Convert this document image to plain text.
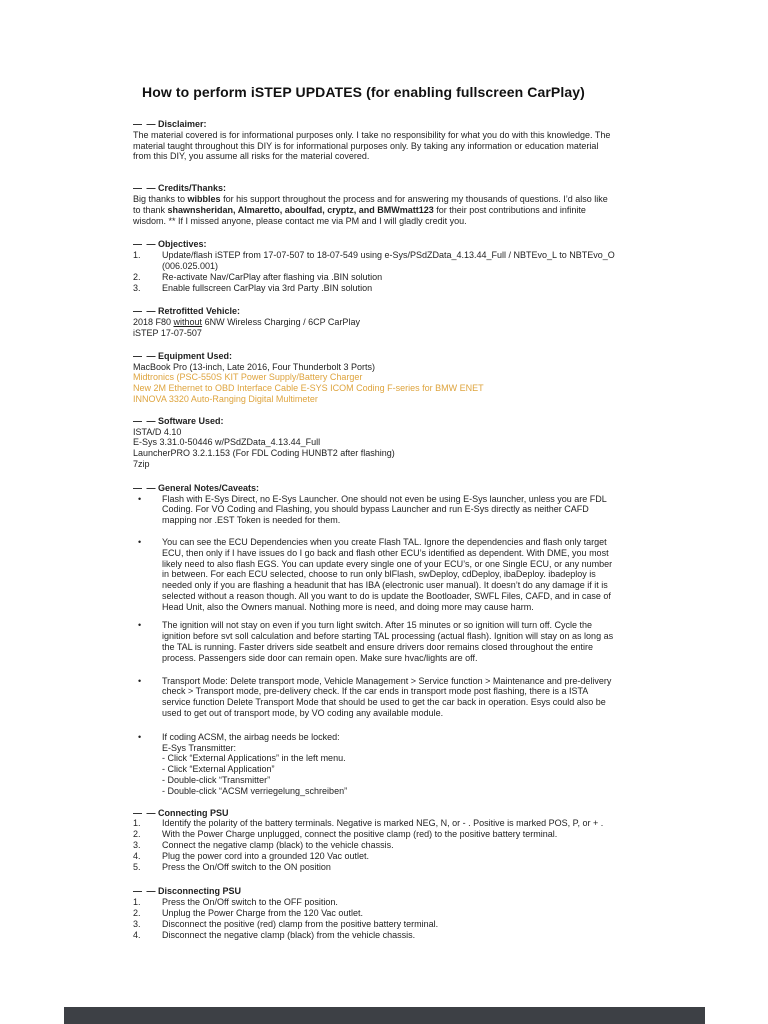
How to perform iSTEP UPDATES (for enabling fullscreen CarPlay)
— —Disclaimer:
The material covered is for informational purposes only. I take no responsibility for what you do with this knowledge. The
material taught throughout this DIY is for informational purposes only. By taking any information or education material
from this DIY, you assume all risks for the material covered.
— —Credits/Thanks:
Big thanks to wibbles for his support throughout the process and for answering my thousands of questions. I’d also like
to thank shawnsheridan, Almaretto, aboulfad, cryptz, and BMWmatt123 for their post contributions and infinite
wisdom. ** If I missed anyone, please contact me via PM and I will gladly credit you.
— —Objectives:
1.	Update/flash iSTEP from 17-07-507 to 18-07-549 using e-Sys/PSdZData_4.13.44_Full / NBTEvo_L to NBTEvo_O
(006.025.001)
2.	Re-activate Nav/CarPlay after flashing via .BIN solution
3.	Enable fullscreen CarPlay via 3rd Party .BIN solution
— —Retrofitted Vehicle:
2018 F80 without 6NW Wireless Charging / 6CP CarPlay
iSTEP 17-07-507
— —Equipment Used:
MacBook Pro (13-inch, Late 2016, Four Thunderbolt 3 Ports)
Midtronics (PSC-550S KIT Power Supply/Battery Charger
New 2M Ethernet to OBD Interface Cable E-SYS ICOM Coding F-series for BMW ENET
INNOVA 3320 Auto-Ranging Digital Multimeter
— —Software Used:
ISTA/D 4.10
E-Sys 3.31.0-50446 w/PSdZData_4.13.44_Full
LauncherPRO 3.2.1.153 (For FDL Coding HUNBT2 after flashing)
7zip
— —General Notes/Caveats:
•	Flash with E-Sys Direct, no E-Sys Launcher. One should not even be using E-Sys launcher, unless you are FDL
Coding. For VO Coding and Flashing, you should bypass Launcher and run E-Sys directly as neither CAFD
mapping nor .EST Token is needed for them.
•	You can see the ECU Dependencies when you create Flash TAL. Ignore the dependencies and flash only target
ECU, then only if I have issues do I go back and flash other ECU’s identified as dependent. With DME, you most
likely need to also flash EGS. You can update every single one of your ECU’s, or one Single ECU, or any number
in between. For each ECU selected, choose to run only blFlash, swDeploy, cdDeploy, ibaDeploy. ibadeploy is
needed only if you are flashing a headunit that has IBA (electronic user manual). It doesn’t do any damage if it is
selected without a reason though. All you want to do is update the Bootloader, SWFL Files, CAFD, and in case of
Head Unit, also the Owners manual. Nothing more is need, and doing more may cause harm.
•	The ignition will not stay on even if you turn light switch. After 15 minutes or so ignition will turn off. Cycle the
ignition before svt soll calculation and before starting TAL processing (actual flash). Ignition will stay on as long as
the TAL is running. Faster drivers side seatbelt and ensure drivers door remains closed throughout the entire
process. Passengers side door can remain open. Make sure hvac/lights are off.
•	Transport Mode: Delete transport mode, Vehicle Management > Service function > Maintenance and pre-delivery
check > Transport mode, pre-delivery check. If the car ends in transport mode post flashing, there is a ISTA
service function Delete Transport Mode that should be used to get the car back in operation. Esys could also be
used to get out of transport mode, by VO coding any available module.
•	If coding ACSM, the airbag needs be locked:
E-Sys Transmitter:
- Click “External Applications” in the left menu.
- Click “External Application”
- Double-click “Transmitter”
- Double-click “ACSM verriegelung_schreiben”
— —Connecting PSU
1.	Identify the polarity of the battery terminals. Negative is marked NEG, N, or - . Positive is marked POS, P, or + .
2.	With the Power Charge unplugged, connect the positive clamp (red) to the positive battery terminal.
3.	Connect the negative clamp (black) to the vehicle chassis.
4.	Plug the power cord into a grounded 120 Vac outlet.
5.	Press the On/Off switch to the ON position
— —Disconnecting PSU
1.	Press the On/Off switch to the OFF position.
2.	Unplug the Power Charge from the 120 Vac outlet.
3.	Disconnect the positive (red) clamp from the positive battery terminal.
4.	Disconnect the negative clamp (black) from the vehicle chassis.
